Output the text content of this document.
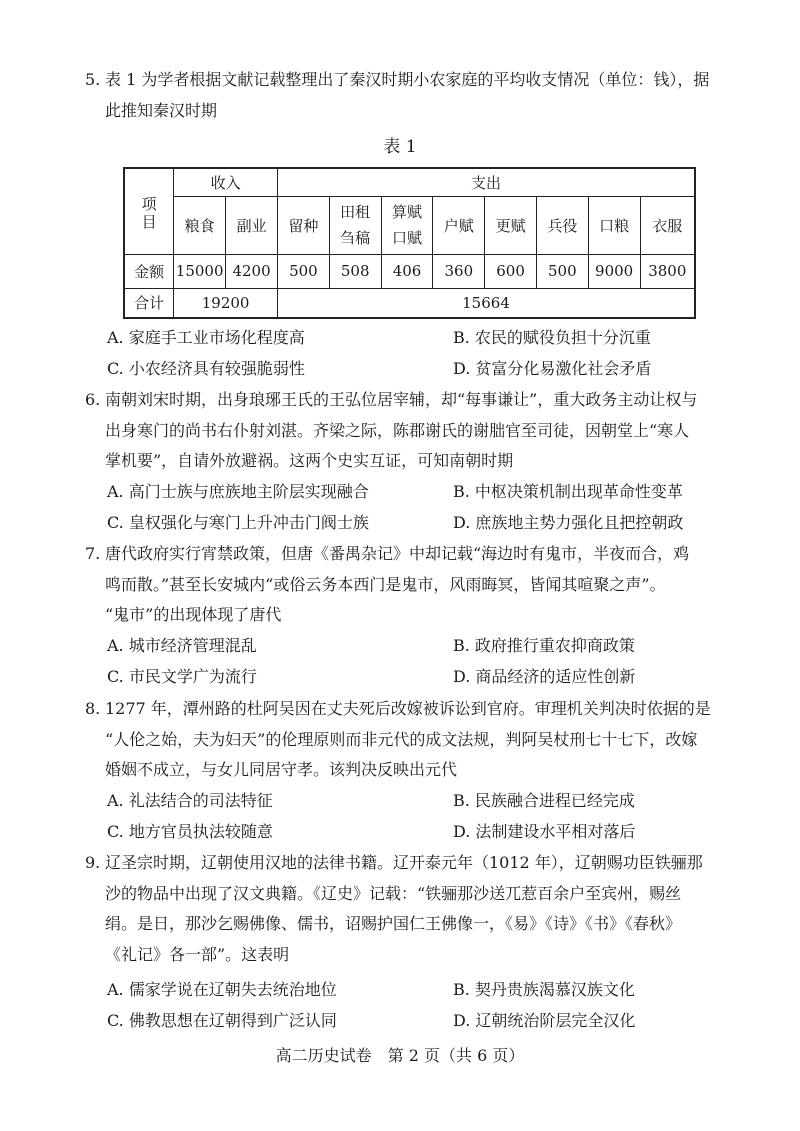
5. 表 1 为学者根据文献记载整理出了秦汉时期小农家庭的平均收支情况（单位：钱），据
此推知秦汉时期
表 1
项目	收入		支出							
	粮食	副业	留种	田租刍稿	算赋口赋	户赋	更赋	兵役	口粮	衣服
金额	15000	4200	500	508	406	360	600	500	9000	3800
合计	19200		15664							
A. 家庭手工业市场化程度高	B. 农民的赋役负担十分沉重
C. 小农经济具有较强脆弱性	D. 贫富分化易激化社会矛盾
6. 南朝刘宋时期，出身琅琊王氏的王弘位居宰辅，却“每事谦让”，重大政务主动让权与
出身寒门的尚书右仆射刘湛。齐梁之际，陈郡谢氏的谢朏官至司徒，因朝堂上“寒人
掌机要”，自请外放避祸。这两个史实互证，可知南朝时期
A. 高门士族与庶族地主阶层实现融合	B. 中枢决策机制出现革命性变革
C. 皇权强化与寒门上升冲击门阀士族	D. 庶族地主势力强化且把控朝政
7. 唐代政府实行宵禁政策，但唐《番禺杂记》中却记载“海边时有鬼市，半夜而合，鸡
鸣而散。”甚至长安城内“或俗云务本西门是鬼市，风雨晦冥，皆闻其喧聚之声”。
“鬼市”的出现体现了唐代
A. 城市经济管理混乱	B. 政府推行重农抑商政策
C. 市民文学广为流行	D. 商品经济的适应性创新
8. 1277 年，潭州路的杜阿吴因在丈夫死后改嫁被诉讼到官府。审理机关判决时依据的是
“人伦之始，夫为妇天”的伦理原则而非元代的成文法规，判阿吴杖刑七十七下，改嫁
婚姻不成立，与女儿同居守孝。该判决反映出元代
A. 礼法结合的司法特征	B. 民族融合进程已经完成
C. 地方官员执法较随意	D. 法制建设水平相对落后
9. 辽圣宗时期，辽朝使用汉地的法律书籍。辽开泰元年（1012 年），辽朝赐功臣铁骊那
沙的物品中出现了汉文典籍。《辽史》记载：“铁骊那沙送兀惹百余户至宾州，赐丝
绢。是日，那沙乞赐佛像、儒书，诏赐护国仁王佛像一，《易》《诗》《书》《春秋》
《礼记》各一部”。这表明
A. 儒家学说在辽朝失去统治地位	B. 契丹贵族渴慕汉族文化
C. 佛教思想在辽朝得到广泛认同	D. 辽朝统治阶层完全汉化
高二历史试卷　第 2 页（共 6 页）
